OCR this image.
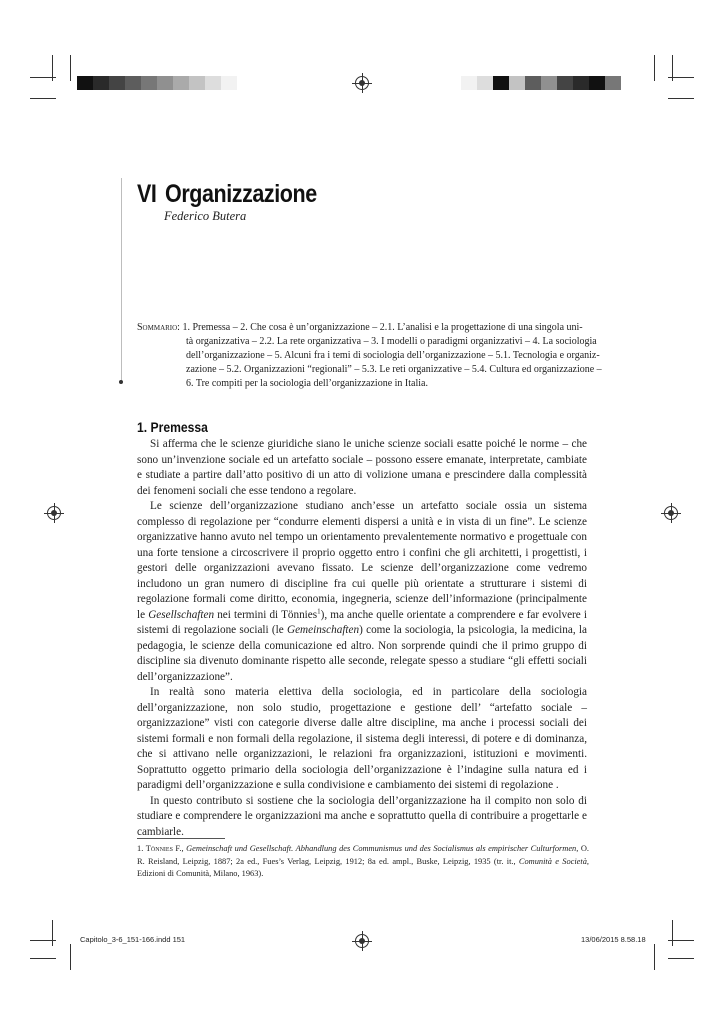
VI Organizzazione
Federico Butera
Sommario: 1. Premessa – 2. Che cosa è un’organizzazione – 2.1. L’analisi e la progettazione di una singola uni-
tà organizzativa – 2.2. La rete organizzativa – 3. I modelli o paradigmi organizzativi – 4. La sociologia
dell’organizzazione – 5. Alcuni fra i temi di sociologia dell’organizzazione – 5.1. Tecnologia e organiz-
zazione – 5.2. Organizzazioni “regionali” – 5.3. Le reti organizzative – 5.4. Cultura ed organizzazione –
6. Tre compiti per la sociologia dell’organizzazione in Italia.
1. Premessa

Si afferma che le scienze giuridiche siano le uniche scienze sociali esatte poiché le norme – che sono un’invenzione sociale ed un artefatto sociale – possono essere emanate, interpretate, cambiate e studiate a partire dall’atto positivo di un atto di volizione umana e prescindere dalla complessità dei fenomeni sociali che esse tendono a regolare.

Le scienze dell’organizzazione studiano anch’esse un artefatto sociale ossia un sistema complesso di regolazione per “condurre elementi dispersi a unità e in vista di un fine”. Le scienze organizzative hanno avuto nel tempo un orientamento prevalentemente normativo e progettuale con una forte tensione a circoscrivere il proprio oggetto entro i confini che gli architetti, i progettisti, i gestori delle organizzazioni avevano fissato. Le scienze dell’organizzazione come vedremo includono un gran numero di discipline fra cui quelle più orientate a strutturare i sistemi di regolazione formali come diritto, economia, ingegneria, scienze dell’informazione (principalmente le Gesellschaften nei termini di Tönnies$^1$), ma anche quelle orientate a comprendere e far evolvere i sistemi di regolazione sociali (le Gemeinschaften) come la sociologia, la psicologia, la medicina, la pedagogia, le scienze della comunicazione ed altro. Non sorprende quindi che il primo gruppo di discipline sia divenuto dominante rispetto alle seconde, relegate spesso a studiare “gli effetti sociali dell’organizzazione”.

In realtà sono materia elettiva della sociologia, ed in particolare della sociologia dell’organizzazione, non solo studio, progettazione e gestione dell’ “artefatto sociale – organizzazione” visti con categorie diverse dalle altre discipline, ma anche i processi sociali dei sistemi formali e non formali della regolazione, il sistema degli interessi, di potere e di dominanza, che si attivano nelle organizzazioni, le relazioni fra organizzazioni, istituzioni e movimenti. Soprattutto oggetto primario della sociologia dell’organizzazione è l’indagine sulla natura ed i paradigmi dell’organizzazione e sulla condivisione e cambiamento dei sistemi di regolazione .

In questo contributo si sostiene che la sociologia dell’organizzazione ha il compito non solo di studiare e comprendere le organizzazioni ma anche e soprattutto quella di contribuire a progettarle e cambiarle.

1. Tönnies F., Gemeinschaft und Gesellschaft. Abhandlung des Communismus und des Socialismus als empirischer Culturformen, O. R. Reisland, Leipzig, 1887; 2a ed., Fues’s Verlag, Leipzig, 1912; 8a ed. ampl., Buske, Leipzig, 1935 (tr. it., Comunità e Società, Edizioni di Comunità, Milano, 1963).
Capitolo_3-6_151-166.indd 151	13/06/2015 8.58.18
